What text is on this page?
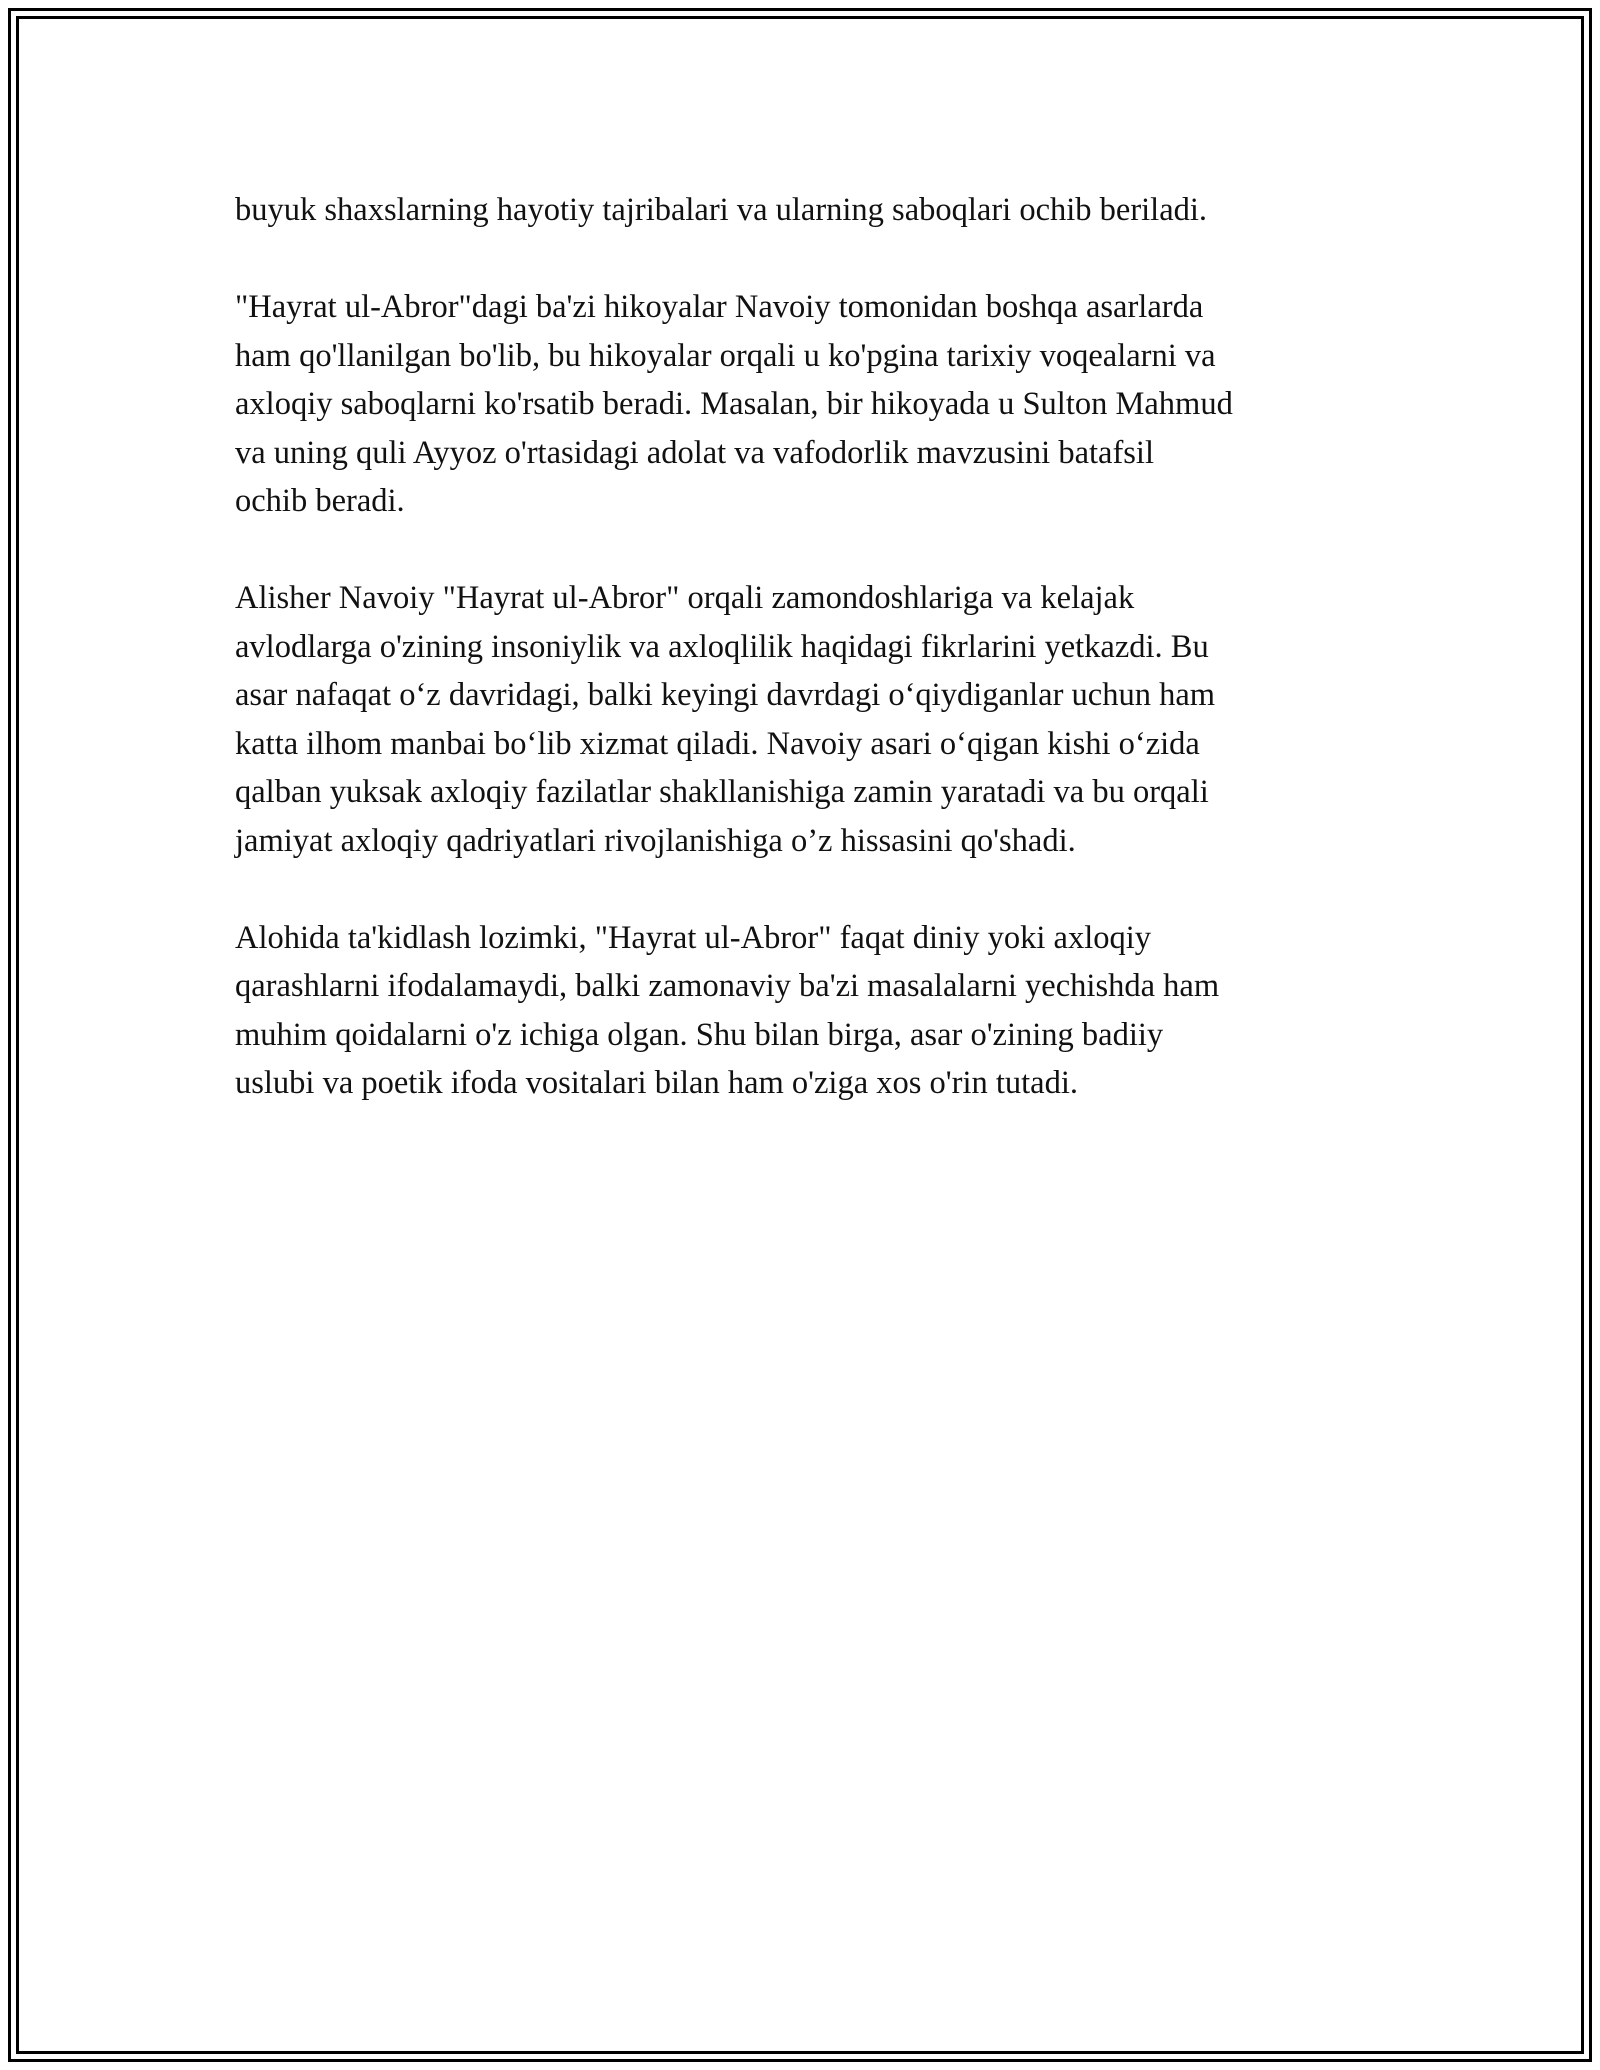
buyuk shaxslarning hayotiy tajribalari va ularning saboqlari ochib beriladi.

"Hayrat ul-Abror"dagi ba'zi hikoyalar Navoiy tomonidan boshqa asarlarda
ham qo'llanilgan bo'lib, bu hikoyalar orqali u ko'pgina tarixiy voqealarni va
axloqiy saboqlarni ko'rsatib beradi. Masalan, bir hikoyada u Sulton Mahmud
va uning quli Ayyoz o'rtasidagi adolat va vafodorlik mavzusini batafsil
ochib beradi.

Alisher Navoiy "Hayrat ul-Abror" orqali zamondoshlariga va kelajak
avlodlarga o'zining insoniylik va axloqlilik haqidagi fikrlarini yetkazdi. Bu
asar nafaqat o‘z davridagi, balki keyingi davrdagi o‘qiydiganlar uchun ham
katta ilhom manbai bo‘lib xizmat qiladi. Navoiy asari o‘qigan kishi o‘zida
qalban yuksak axloqiy fazilatlar shakllanishiga zamin yaratadi va bu orqali
jamiyat axloqiy qadriyatlari rivojlanishiga o’z hissasini qo'shadi.

Alohida ta'kidlash lozimki, "Hayrat ul-Abror" faqat diniy yoki axloqiy
qarashlarni ifodalamaydi, balki zamonaviy ba'zi masalalarni yechishda ham
muhim qoidalarni o'z ichiga olgan. Shu bilan birga, asar o'zining badiiy
uslubi va poetik ifoda vositalari bilan ham o'ziga xos o'rin tutadi.
